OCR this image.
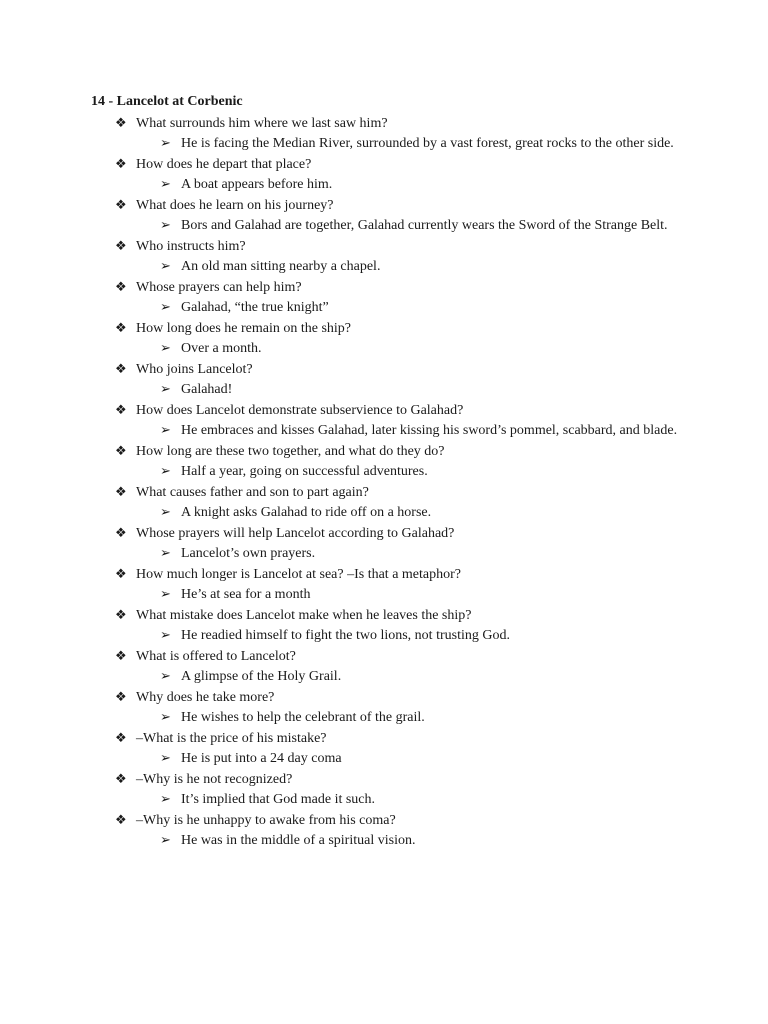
14 - Lancelot at Corbenic
❖ What surrounds him where we last saw him?
➢ He is facing the Median River, surrounded by a vast forest, great rocks to the other side.
❖ How does he depart that place?
➢ A boat appears before him.
❖ What does he learn on his journey?
➢ Bors and Galahad are together, Galahad currently wears the Sword of the Strange Belt.
❖ Who instructs him?
➢ An old man sitting nearby a chapel.
❖ Whose prayers can help him?
➢ Galahad, “the true knight”
❖ How long does he remain on the ship?
➢ Over a month.
❖ Who joins Lancelot?
➢ Galahad!
❖ How does Lancelot demonstrate subservience to Galahad?
➢ He embraces and kisses Galahad, later kissing his sword’s pommel, scabbard, and blade.
❖ How long are these two together, and what do they do?
➢ Half a year, going on successful adventures.
❖ What causes father and son to part again?
➢ A knight asks Galahad to ride off on a horse.
❖ Whose prayers will help Lancelot according to Galahad?
➢ Lancelot’s own prayers.
❖ How much longer is Lancelot at sea? –Is that a metaphor?
➢ He’s at sea for a month
❖ What mistake does Lancelot make when he leaves the ship?
➢ He readied himself to fight the two lions, not trusting God.
❖ What is offered to Lancelot?
➢ A glimpse of the Holy Grail.
❖ Why does he take more?
➢ He wishes to help the celebrant of the grail.
❖ –What is the price of his mistake?
➢ He is put into a 24 day coma
❖ –Why is he not recognized?
➢ It’s implied that God made it such.
❖ –Why is he unhappy to awake from his coma?
➢ He was in the middle of a spiritual vision.
